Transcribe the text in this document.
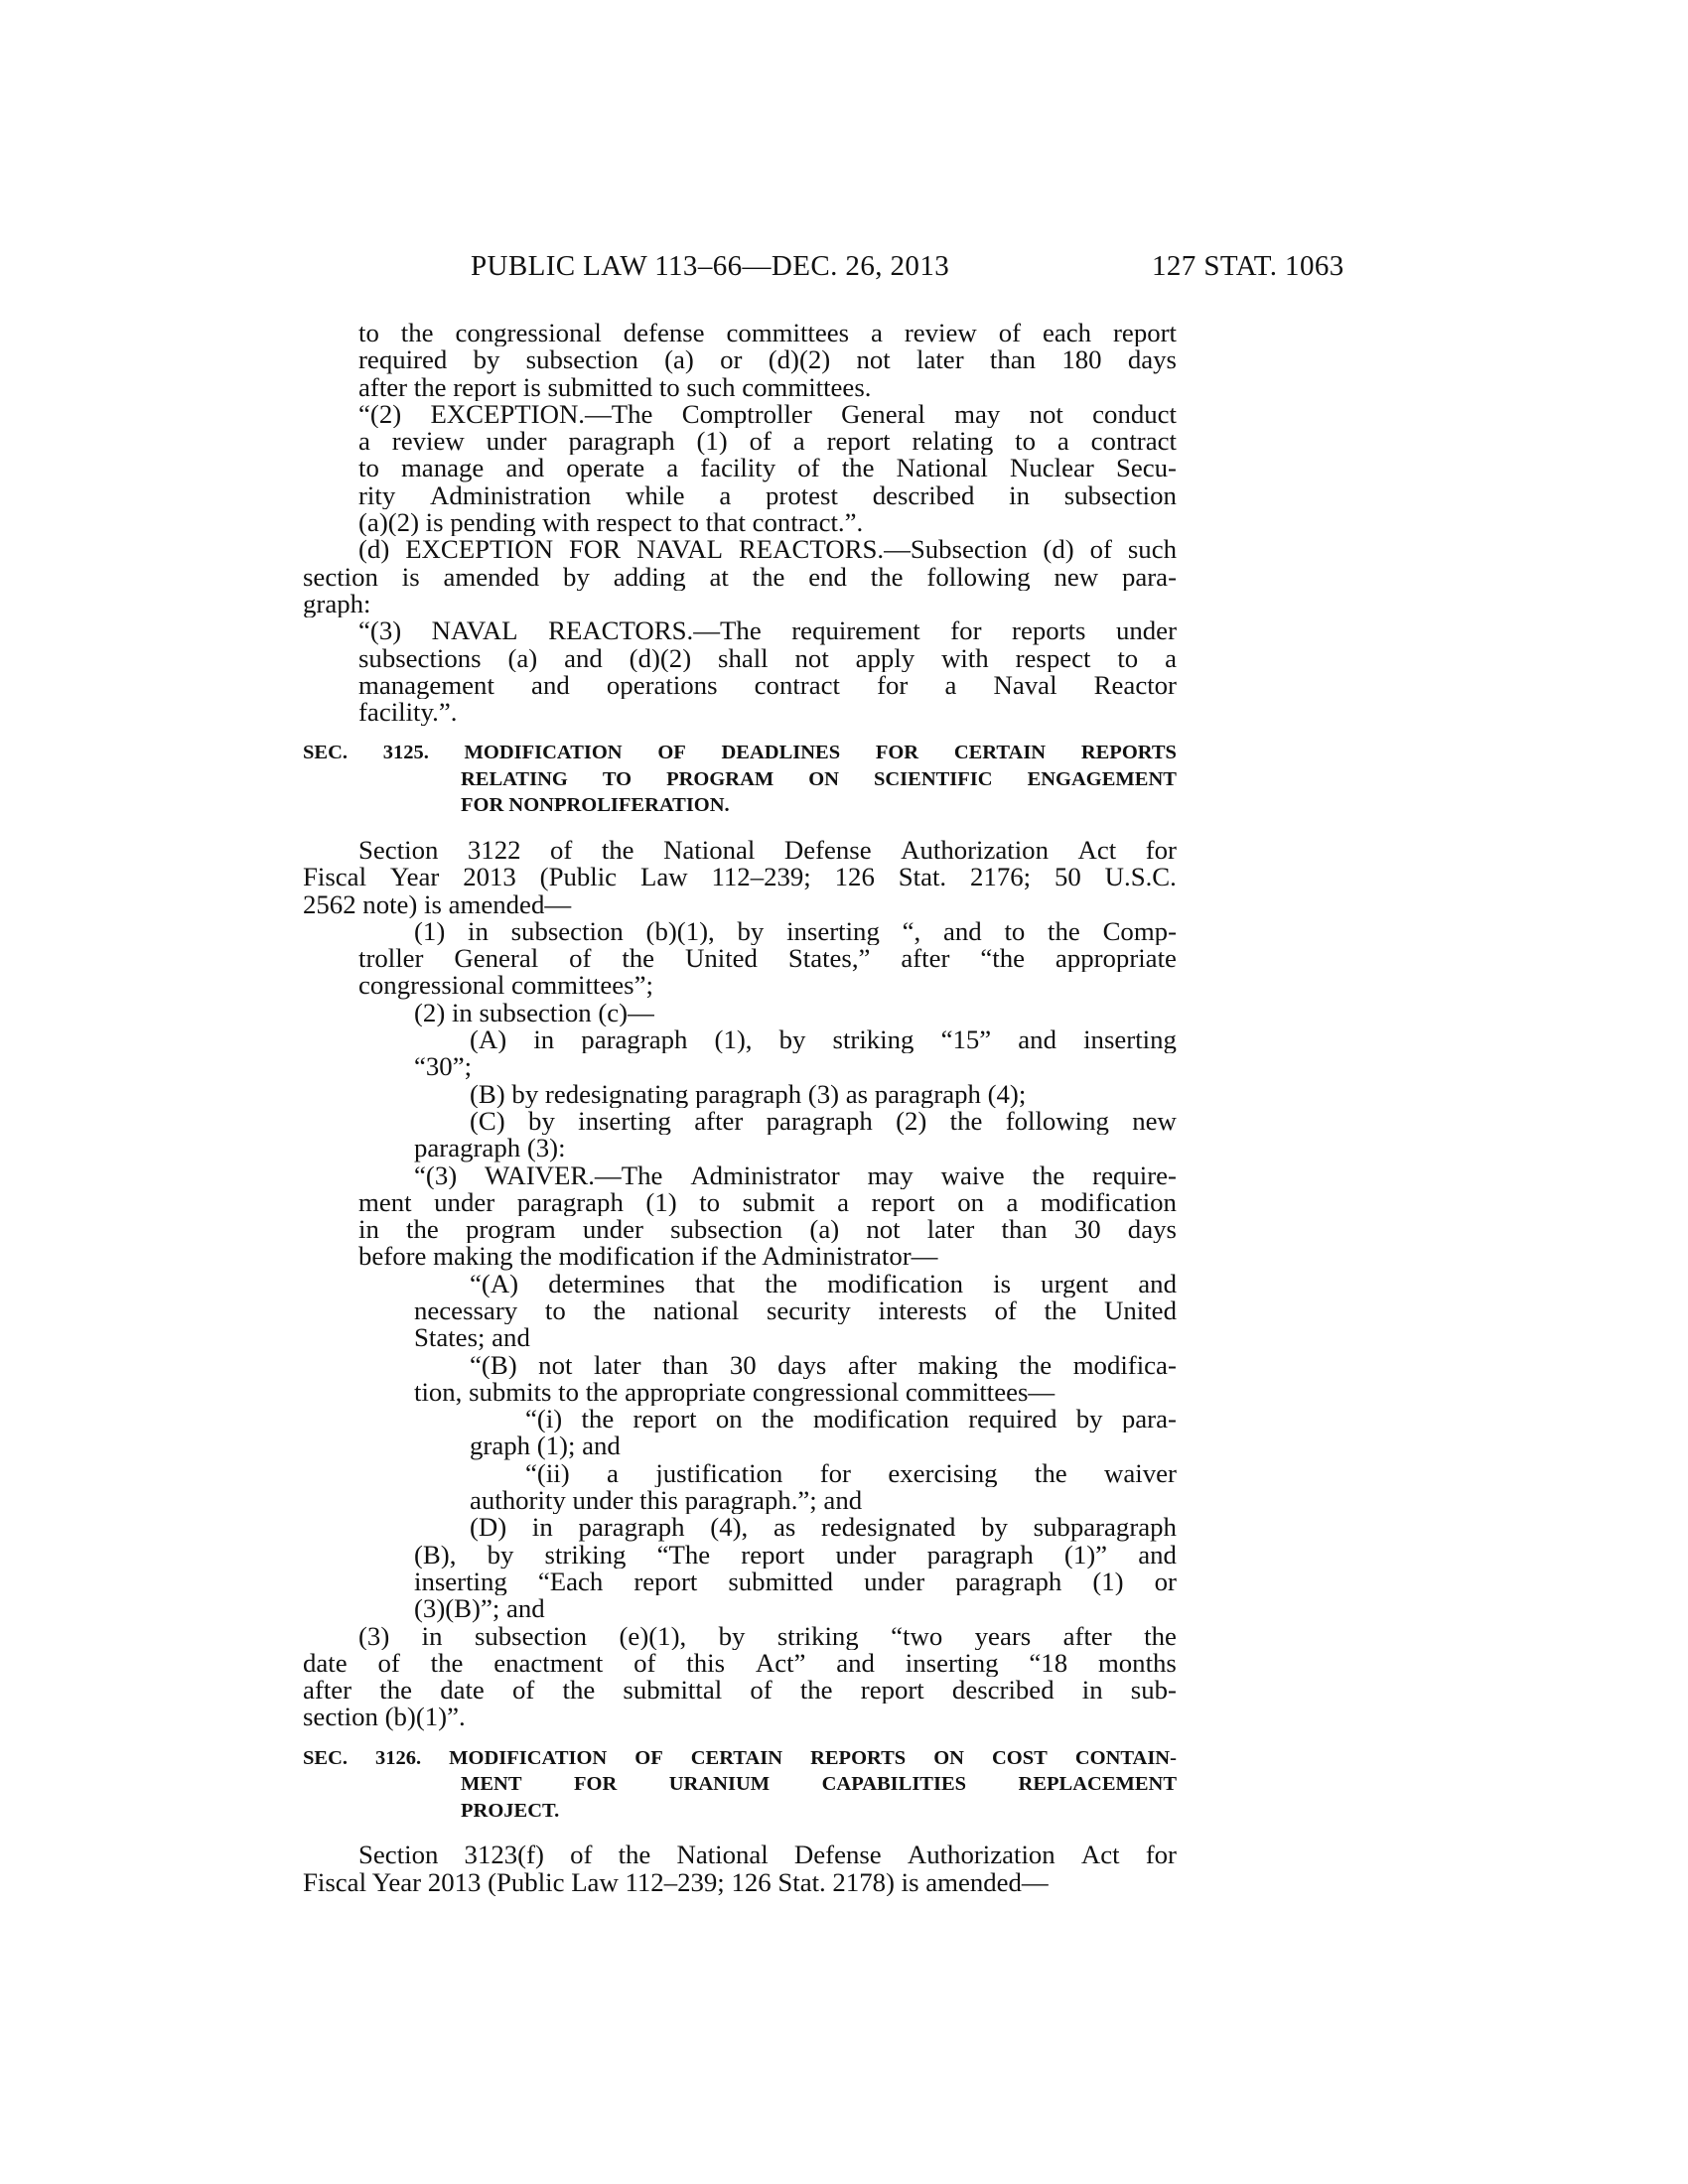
PUBLIC LAW 113–66—DEC. 26, 2013	127 STAT. 1063
to the congressional defense committees a review of each report
required by subsection (a) or (d)(2) not later than 180 days
after the report is submitted to such committees.
“(2) EXCEPTION.—The Comptroller General may not conduct
a review under paragraph (1) of a report relating to a contract
to manage and operate a facility of the National Nuclear Secu-
rity Administration while a protest described in subsection
(a)(2) is pending with respect to that contract.”.
(d) EXCEPTION FOR NAVAL REACTORS.—Subsection (d) of such
section is amended by adding at the end the following new para-
graph:
“(3) NAVAL REACTORS.—The requirement for reports under
subsections (a) and (d)(2) shall not apply with respect to a
management and operations contract for a Naval Reactor
facility.”.
SEC. 3125. MODIFICATION OF DEADLINES FOR CERTAIN REPORTS
RELATING TO PROGRAM ON SCIENTIFIC ENGAGEMENT
FOR NONPROLIFERATION.
Section 3122 of the National Defense Authorization Act for
Fiscal Year 2013 (Public Law 112–239; 126 Stat. 2176; 50 U.S.C.
2562 note) is amended—
(1) in subsection (b)(1), by inserting “, and to the Comp-
troller General of the United States,” after “the appropriate
congressional committees”;
(2) in subsection (c)—
(A) in paragraph (1), by striking “15” and inserting
“30”;
(B) by redesignating paragraph (3) as paragraph (4);
(C) by inserting after paragraph (2) the following new
paragraph (3):
“(3) WAIVER.—The Administrator may waive the require-
ment under paragraph (1) to submit a report on a modification
in the program under subsection (a) not later than 30 days
before making the modification if the Administrator—
“(A) determines that the modification is urgent and
necessary to the national security interests of the United
States; and
“(B) not later than 30 days after making the modifica-
tion, submits to the appropriate congressional committees—
“(i) the report on the modification required by para-
graph (1); and
“(ii) a justification for exercising the waiver
authority under this paragraph.”; and
(D) in paragraph (4), as redesignated by subparagraph
(B), by striking “The report under paragraph (1)” and
inserting “Each report submitted under paragraph (1) or
(3)(B)”; and
(3) in subsection (e)(1), by striking “two years after the
date of the enactment of this Act” and inserting “18 months
after the date of the submittal of the report described in sub-
section (b)(1)”.
SEC. 3126. MODIFICATION OF CERTAIN REPORTS ON COST CONTAIN-
MENT	FOR	URANIUM	CAPABILITIES	REPLACEMENT
PROJECT.
Section 3123(f) of the National Defense Authorization Act for
Fiscal Year 2013 (Public Law 112–239; 126 Stat. 2178) is amended—
